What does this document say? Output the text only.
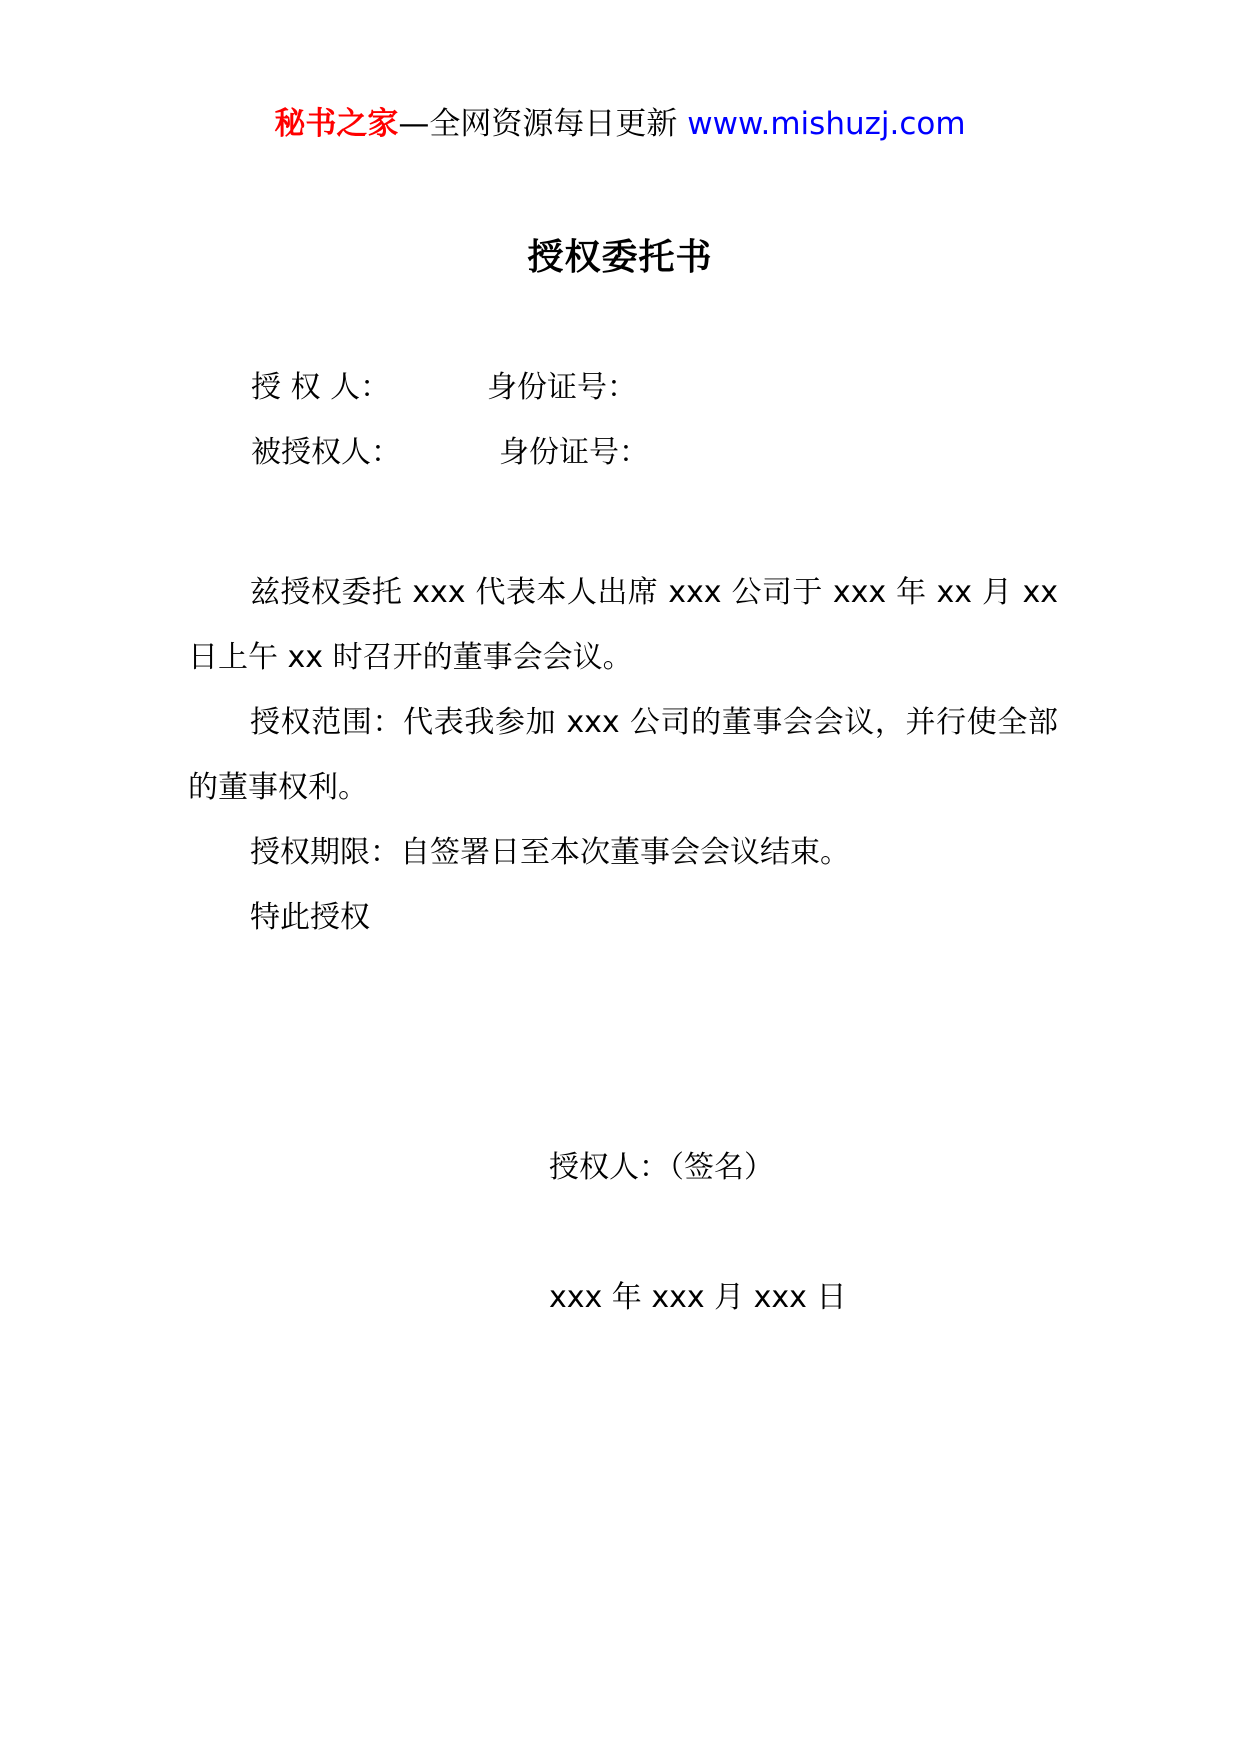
秘书之家—全网资源每日更新 www.mishuzj.com
授权委托书
授 权 人：	身份证号：
被授权人：	身份证号：

兹授权委托 xxx 代表本人出席 xxx 公司于 xxx 年 xx 月 xx 日上午 xx 时召开的董事会会议。

授权范围：代表我参加 xxx 公司的董事会会议，并行使全部的董事权利。

授权期限：自签署日至本次董事会会议结束。

特此授权

授权人：（签名）
xxx 年 xxx 月 xxx 日
